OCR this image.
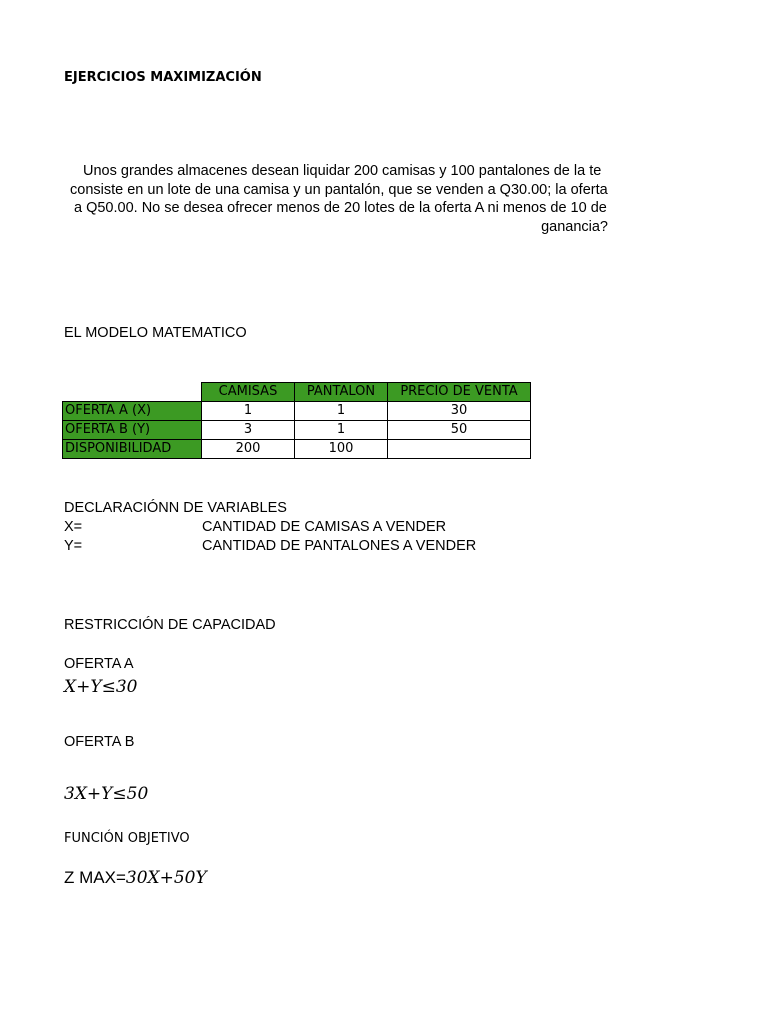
EJERCICIOS MAXIMIZACIÓN
Unos grandes almacenes desean liquidar 200 camisas y 100 pantalones de la te
consiste en un lote de una camisa y un pantalón, que se venden a Q30.00; la oferta
a Q50.00. No se desea ofrecer menos de 20 lotes de la oferta A ni menos de 10 de
ganancia?
EL MODELO MATEMATICO
	CAMISAS	PANTALON	PRECIO DE VENTA
OFERTA A (X)	1	1	30
OFERTA B (Y)	3	1	50
DISPONIBILIDAD	200	100	
DECLARACIÓNN DE VARIABLES
X=	CANTIDAD DE CAMISAS A VENDER
Y=	CANTIDAD DE PANTALONES A VENDER
RESTRICCIÓN DE CAPACIDAD
OFERTA A
X+Y≤30
OFERTA B
3X+Y≤50
FUNCIÓN OBJETIVO
Z MAX=30X+50Y
